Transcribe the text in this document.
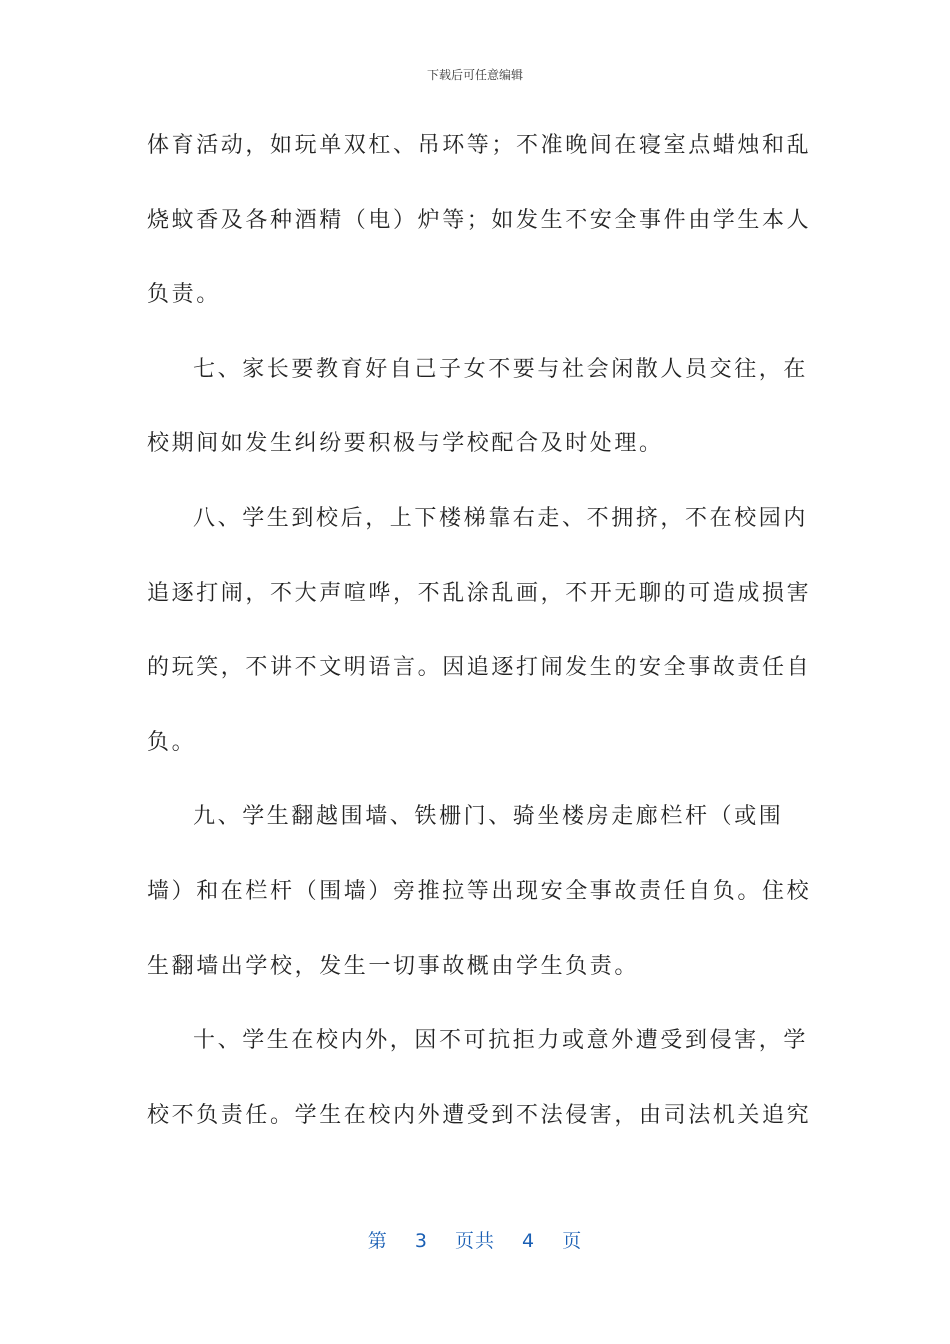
下载后可任意编辑
体育活动，如玩单双杠、吊环等；不准晚间在寝室点蜡烛和乱
烧蚊香及各种酒精（电）炉等；如发生不安全事件由学生本人
负责。
七、家长要教育好自己子女不要与社会闲散人员交往，在
校期间如发生纠纷要积极与学校配合及时处理。
八、学生到校后，上下楼梯靠右走、不拥挤，不在校园内
追逐打闹，不大声喧哗，不乱涂乱画，不开无聊的可造成损害
的玩笑，不讲不文明语言。因追逐打闹发生的安全事故责任自
负。
九、学生翻越围墙、铁栅门、骑坐楼房走廊栏杆（或围
墙）和在栏杆（围墙）旁推拉等出现安全事故责任自负。住校
生翻墙出学校，发生一切事故概由学生负责。
十、学生在校内外，因不可抗拒力或意外遭受到侵害，学
校不负责任。学生在校内外遭受到不法侵害，由司法机关追究
第 3 页共 4 页
